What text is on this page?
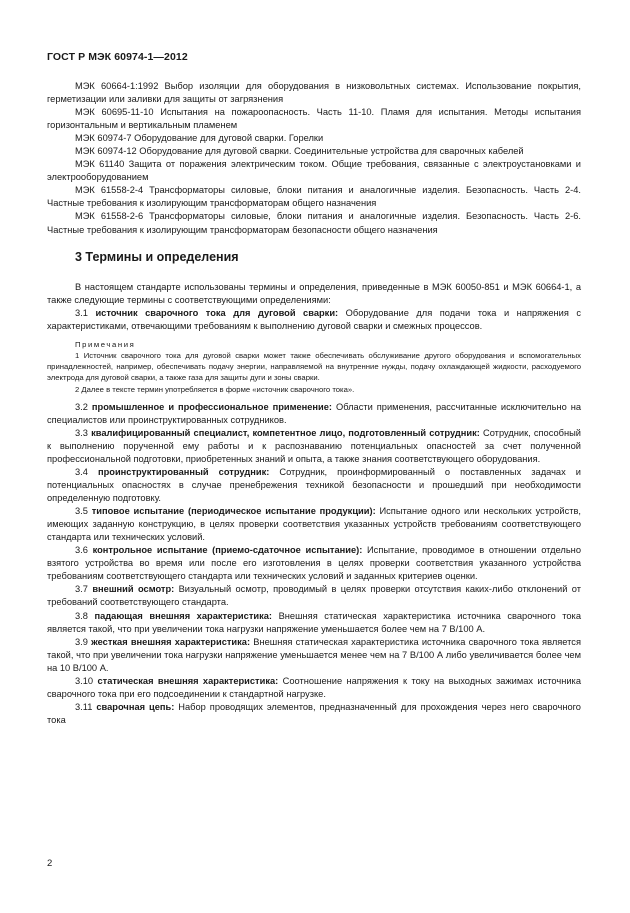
ГОСТ Р МЭК 60974-1—2012

МЭК 60664-1:1992 Выбор изоляции для оборудования в низковольтных системах. Использование покрытия, герметизации или заливки для защиты от загрязнения

МЭК 60695-11-10 Испытания на пожароопасность. Часть 11-10. Пламя для испытания. Методы испытания горизонтальным и вертикальным пламенем

МЭК 60974-7 Оборудование для дуговой сварки. Горелки

МЭК 60974-12 Оборудование для дуговой сварки. Соединительные устройства для сварочных кабелей

МЭК 61140 Защита от поражения электрическим током. Общие требования, связанные с электроустановками и электрооборудованием

МЭК 61558-2-4 Трансформаторы силовые, блоки питания и аналогичные изделия. Безопасность. Часть 2-4. Частные требования к изолирующим трансформаторам общего назначения

МЭК 61558-2-6 Трансформаторы силовые, блоки питания и аналогичные изделия. Безопасность. Часть 2-6. Частные требования к изолирующим трансформаторам безопасности общего назначения

3 Термины и определения

В настоящем стандарте использованы термины и определения, приведенные в МЭК 60050-851 и МЭК 60664-1, а также следующие термины с соответствующими определениями:

3.1 источник сварочного тока для дуговой сварки: Оборудование для подачи тока и напряжения с характеристиками, отвечающими требованиям к выполнению дуговой сварки и смежных процессов.

Примечания

1 Источник сварочного тока для дуговой сварки может также обеспечивать обслуживание другого оборудования и вспомогательных принадлежностей, например, обеспечивать подачу энергии, направляемой на внутренние нужды, подачу охлаждающей жидкости, расходуемого электрода для дуговой сварки, а также газа для защиты дуги и зоны сварки.

2 Далее в тексте термин употребляется в форме «источник сварочного тока».

3.2 промышленное и профессиональное применение: Области применения, рассчитанные исключительно на специалистов или проинструктированных сотрудников.

3.3 квалифицированный специалист, компетентное лицо, подготовленный сотрудник: Сотрудник, способный к выполнению порученной ему работы и к распознаванию потенциальных опасностей за счет полученной профессиональной подготовки, приобретенных знаний и опыта, а также знания соответствующего оборудования.

3.4 проинструктированный сотрудник: Сотрудник, проинформированный о поставленных задачах и потенциальных опасностях в случае пренебрежения техникой безопасности и прошедший при необходимости определенную подготовку.

3.5 типовое испытание (периодическое испытание продукции): Испытание одного или нескольких устройств, имеющих заданную конструкцию, в целях проверки соответствия указанных устройств требованиям соответствующего стандарта или технических условий.

3.6 контрольное испытание (приемо-сдаточное испытание): Испытание, проводимое в отношении отдельно взятого устройства во время или после его изготовления в целях проверки соответствия указанного устройства требованиям соответствующего стандарта или технических условий и заданных критериев оценки.

3.7 внешний осмотр: Визуальный осмотр, проводимый в целях проверки отсутствия каких-либо отклонений от требований соответствующего стандарта.

3.8 падающая внешняя характеристика: Внешняя статическая характеристика источника сварочного тока является такой, что при увеличении тока нагрузки напряжение уменьшается более чем на 7 В/100 А.

3.9 жесткая внешняя характеристика: Внешняя статическая характеристика источника сварочного тока является такой, что при увеличении тока нагрузки напряжение уменьшается менее чем на 7 В/100 А либо увеличивается более чем на 10 В/100 А.

3.10 статическая внешняя характеристика: Соотношение напряжения к току на выходных зажимах источника сварочного тока при его подсоединении к стандартной нагрузке.

3.11 сварочная цепь: Набор проводящих элементов, предназначенный для прохождения через него сварочного тока

2
